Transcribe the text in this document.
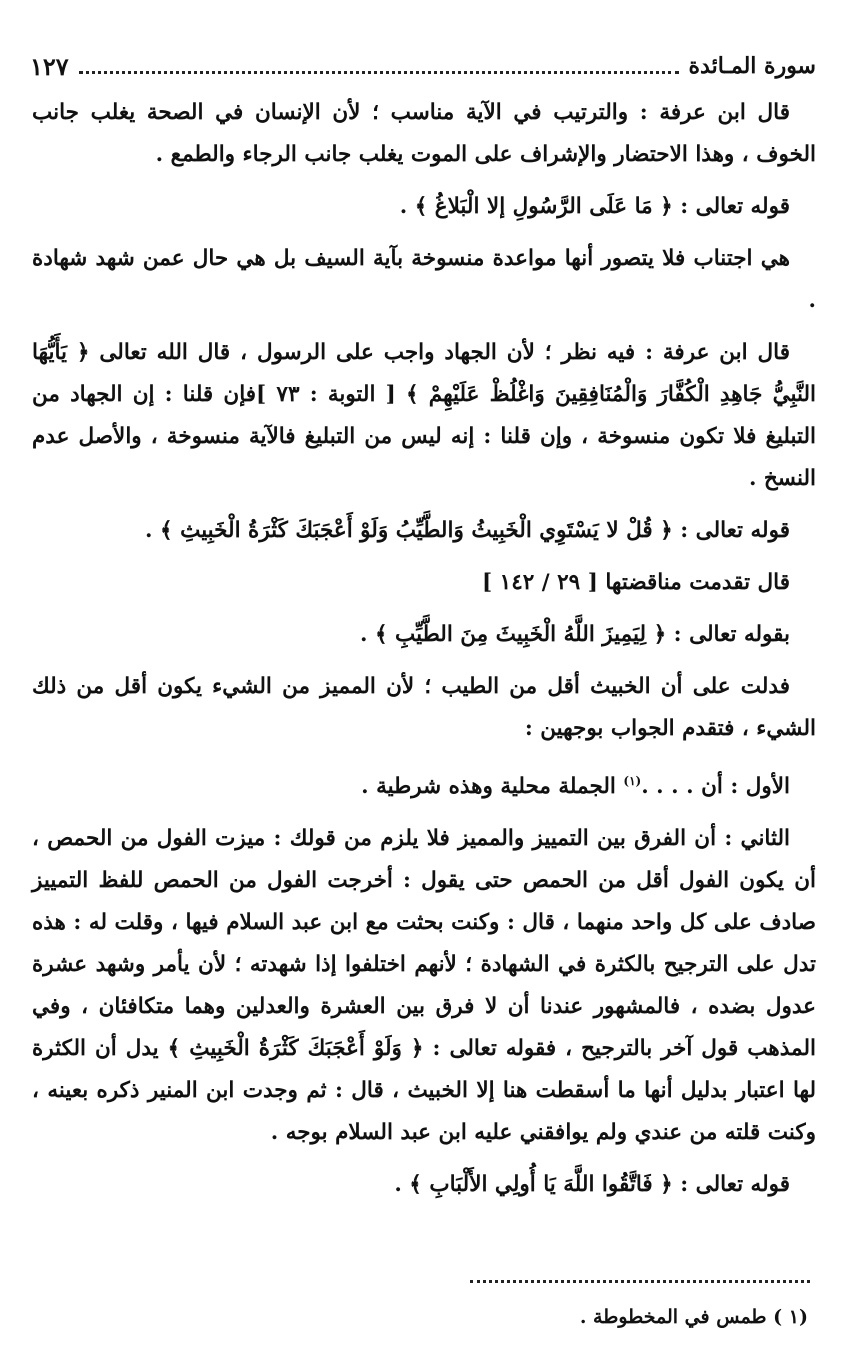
سورة المـائدة
١٢٧

قال ابن عرفة : والترتيب في الآية مناسب ؛ لأن الإنسان في الصحة يغلب جانب الخوف ، وهذا الاحتضار والإشراف على الموت يغلب جانب الرجاء والطمع .

قوله تعالى : ﴿ مَا عَلَى الرَّسُولِ إلا الْبَلاغُ ﴾ .

هي اجتناب فلا يتصور أنها مواعدة منسوخة بآية السيف بل هي حال عمن شهد شهادة .

قال ابن عرفة : فيه نظر ؛ لأن الجهاد واجب على الرسول ، قال الله تعالى ﴿ يَأَيُّهَا النَّبِيُّ جَاهِدِ الْكُفَّارَ وَالْمُنَافِقِينَ وَاغْلُظْ عَلَيْهِمْ ﴾ [ التوبة : ٧٣ ]فإن قلنا : إن الجهاد من التبليغ فلا تكون منسوخة ، وإن قلنا : إنه ليس من التبليغ فالآية منسوخة ، والأصل عدم النسخ .

قوله تعالى : ﴿ قُلْ لا يَسْتَوِي الْخَبِيثُ وَالطَّيِّبُ وَلَوْ أَعْجَبَكَ كَثْرَةُ الْخَبِيثِ ﴾ .

قال تقدمت مناقضتها [ ٢٩ / ١٤٢ ]

بقوله تعالى : ﴿ لِيَمِيزَ اللَّهُ الْخَبِيثَ مِنَ الطَّيِّبِ ﴾ .

فدلت على أن الخبيث أقل من الطيب ؛ لأن المميز من الشيء يكون أقل من ذلك الشيء ، فتقدم الجواب بوجهين :

الأول : أن . . . .$^{(١)}$ الجملة محلية وهذه شرطية .

الثاني : أن الفرق بين التمييز والمميز فلا يلزم من قولك : ميزت الفول من الحمص ، أن يكون الفول أقل من الحمص حتى يقول : أخرجت الفول من الحمص للفظ التمييز صادف على كل واحد منهما ، قال : وكنت بحثت مع ابن عبد السلام فيها ، وقلت له : هذه تدل على الترجيح بالكثرة في الشهادة ؛ لأنهم اختلفوا إذا شهدته ؛ لأن يأمر وشهد عشرة عدول بضده ، فالمشهور عندنا أن لا فرق بين العشرة والعدلين وهما متكافئان ، وفي المذهب قول آخر بالترجيح ، فقوله تعالى : ﴿ وَلَوْ أَعْجَبَكَ كَثْرَةُ الْخَبِيثِ ﴾ يدل أن الكثرة لها اعتبار بدليل أنها ما أسقطت هنا إلا الخبيث ، قال : ثم وجدت ابن المنير ذكره بعينه ، وكنت قلته من عندي ولم يوافقني عليه ابن عبد السلام بوجه .

قوله تعالى : ﴿ فَاتَّقُوا اللَّهَ يَا أُولِي الأَلْبَابِ ﴾ .

(١ ) طمس في المخطوطة .
